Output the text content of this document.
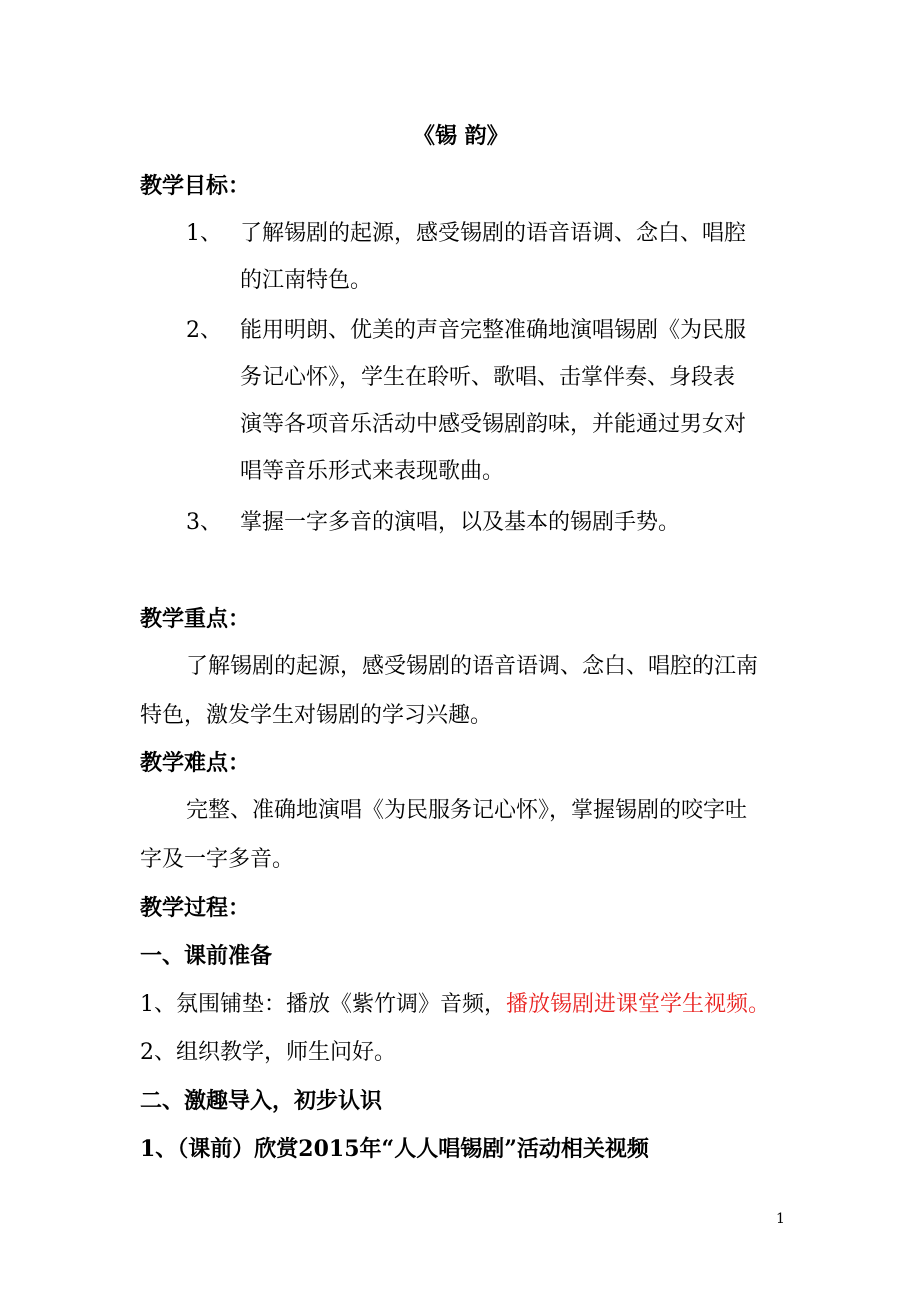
《锡 韵》
教学目标：
1、 了解锡剧的起源，感受锡剧的语音语调、念白、唱腔
的江南特色。
2、 能用明朗、优美的声音完整准确地演唱锡剧《为民服
务记心怀》，学生在聆听、歌唱、击掌伴奏、身段表
演等各项音乐活动中感受锡剧韵味，并能通过男女对
唱等音乐形式来表现歌曲。
3、 掌握一字多音的演唱，以及基本的锡剧手势。
教学重点：
了解锡剧的起源，感受锡剧的语音语调、念白、唱腔的江南
特色，激发学生对锡剧的学习兴趣。
教学难点：
完整、准确地演唱《为民服务记心怀》，掌握锡剧的咬字吐
字及一字多音。
教学过程：
一、课前准备
1、氛围铺垫：播放《紫竹调》音频，播放锡剧进课堂学生视频。
2、组织教学，师生问好。
二、激趣导入，初步认识
1、（课前）欣赏2015年“人人唱锡剧”活动相关视频
1
